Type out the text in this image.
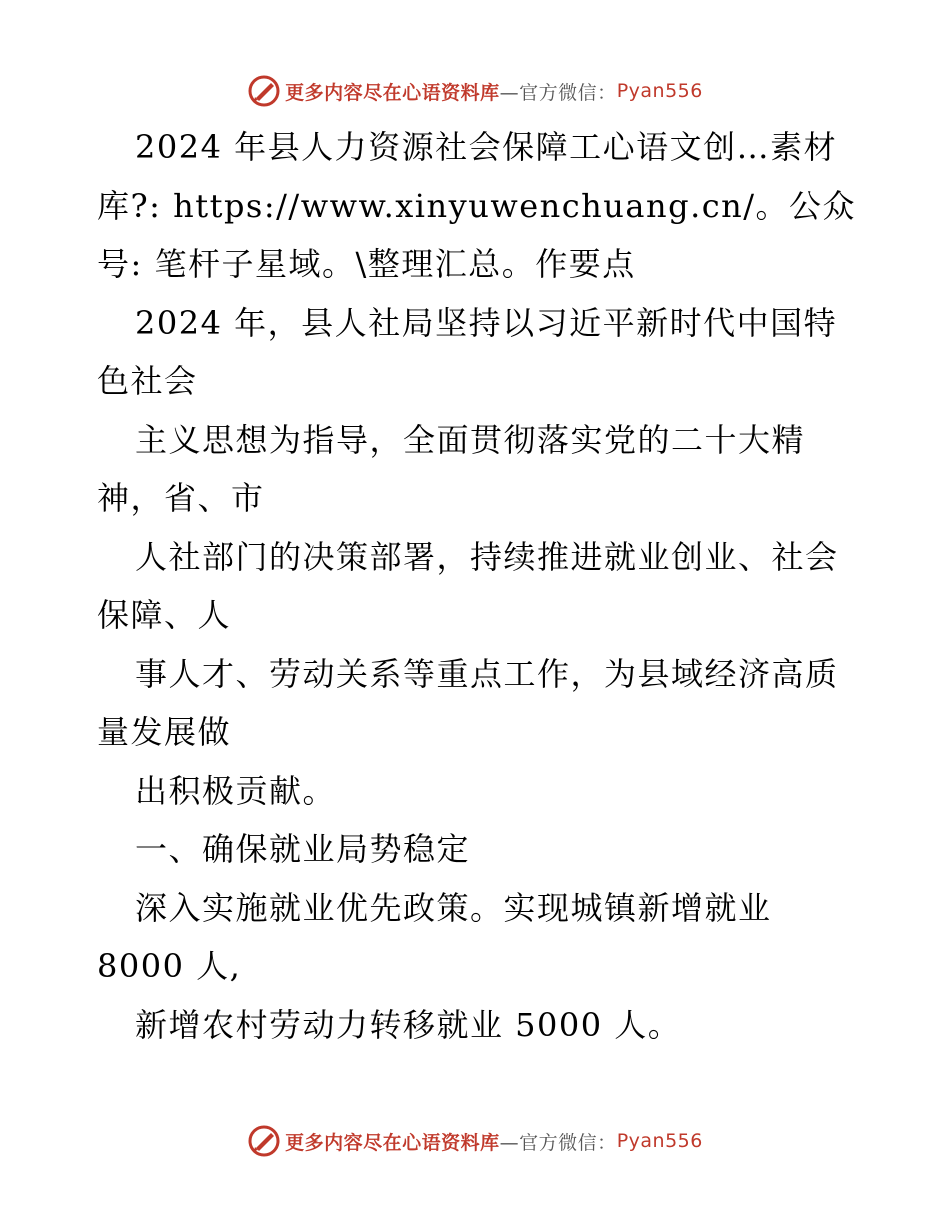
更多内容尽在心语资料库 —官方微信： Pyan556
2024 年县人力资源社会保障工心语文创…素材
库?: https://www.xinyuwenchuang.cn/。公众
号: 笔杆子星域。\整理汇总。作要点
2024 年，县人社局坚持以习近平新时代中国特
色社会
主义思想为指导，全面贯彻落实党的二十大精
神，省、市
人社部门的决策部署，持续推进就业创业、社会
保障、人
事人才、劳动关系等重点工作，为县域经济高质
量发展做
出积极贡献。
一、确保就业局势稳定
深入实施就业优先政策。实现城镇新增就业
8000 人,
新增农村劳动力转移就业 5000 人。
更多内容尽在心语资料库 —官方微信： Pyan556
